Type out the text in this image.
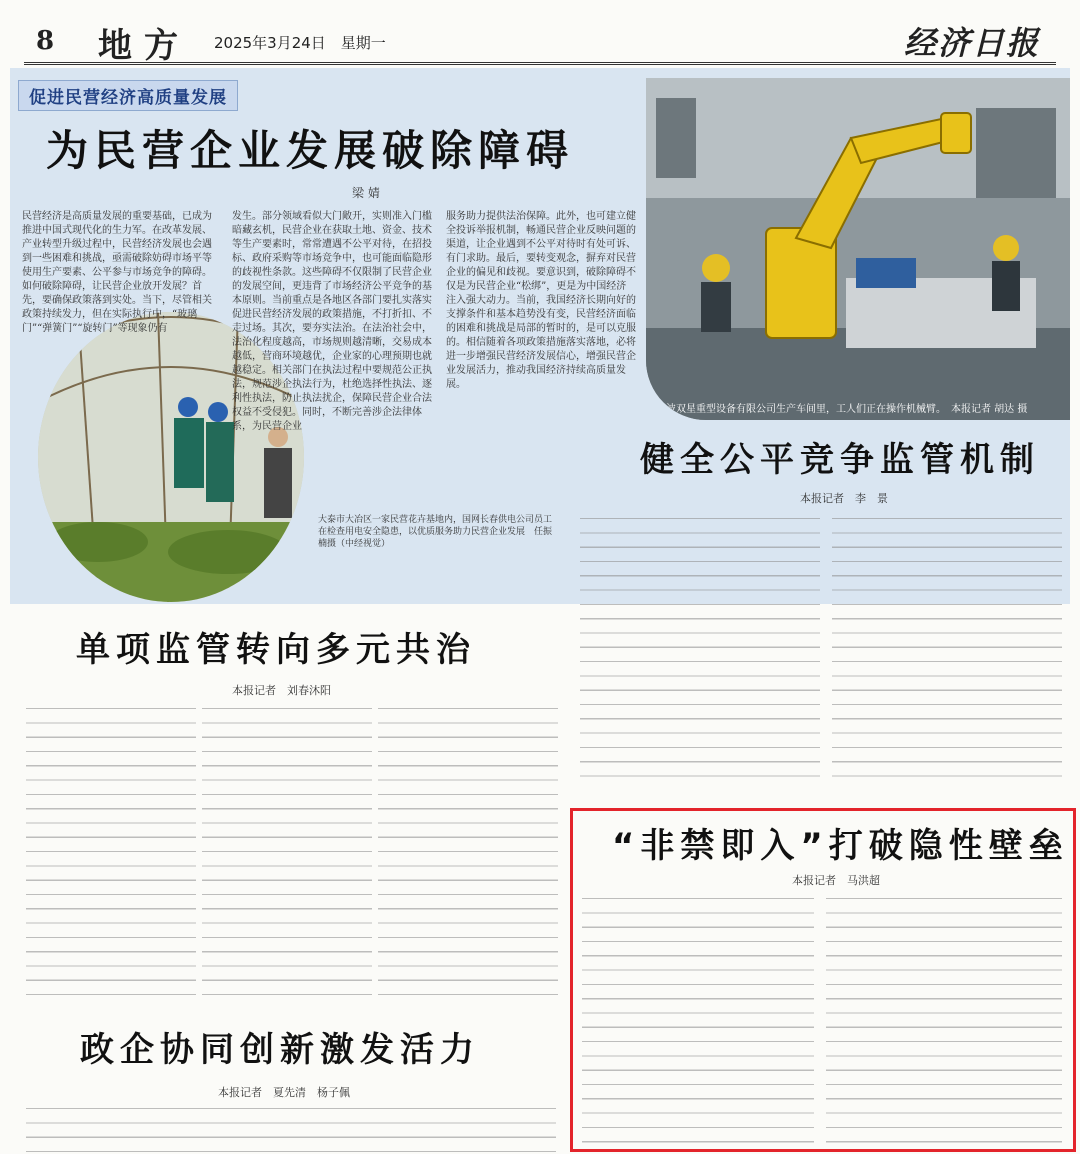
8 地方 2025年3月24日　星期一	经济日报
促进民营经济高质量发展
为民营企业发展破除障碍
梁 婧
宁波双星重型设备有限公司生产车间里，工人们正在操作机械臂。　本报记者 胡达 摄
民营经济是高质量发展的重要基础，已成为推进中国式现代化的生力军。在改革发展、产业转型升级过程中，民营经济发展也会遇到一些困难和挑战，亟需破除妨碍市场平等使用生产要素、公平参与市场竞争的障碍。如何破除障碍，让民营企业放开发展？首先，要确保政策落到实处。当下，尽管相关政策持续发力，但在实际执行中，“玻璃门”“弹簧门”“旋转门”等现象仍有
发生。部分领域看似大门敞开，实则准入门槛暗藏玄机，民营企业在获取土地、资金、技术等生产要素时，常常遭遇不公平对待，在招投标、政府采购等市场竞争中，也可能面临隐形的歧视性条款。这些障碍不仅限制了民营企业的发展空间，更违背了市场经济公平竞争的基本原则。当前重点是各地区各部门要扎实落实促进民营经济发展的政策措施，不打折扣、不走过场。其次，要夯实法治。在法治社会中，法治化程度越高，市场规则越清晰，交易成本越低，营商环境越优，企业家的心理预期也就越稳定。相关部门在执法过程中要规范公正执法，规范涉企执法行为，杜绝选择性执法、逐利性执法，防止执法扰企，保障民营企业合法权益不受侵犯。同时，不断完善涉企法律体系，为民营企业
服务助力提供法治保障。此外，也可建立健全投诉举报机制，畅通民营企业反映问题的渠道，让企业遇到不公平对待时有处可诉、有门求助。最后，要转变观念，摒弃对民营企业的偏见和歧视。要意识到，破除障碍不仅是为民营企业“松绑”，更是为中国经济注入强大动力。当前，我国经济长期向好的支撑条件和基本趋势没有变，民营经济面临的困难和挑战是局部的暂时的，是可以克服的。相信随着各项政策措施落实落地，必将进一步增强民营经济发展信心，增强民营企业发展活力，推动我国经济持续高质量发展。
大泰市大冶区一家民营花卉基地内，国网长春供电公司员工在检查用电安全隐患，以优质服务助力民营企业发展　任振楠摄（中经视觉）
健全公平竞争监管机制
本报记者　李　景
单项监管转向多元共治
本报记者　刘春沐阳
“非禁即入”打破隐性壁垒
本报记者　马洪超
政企协同创新激发活力
本报记者　夏先清　杨子佩
